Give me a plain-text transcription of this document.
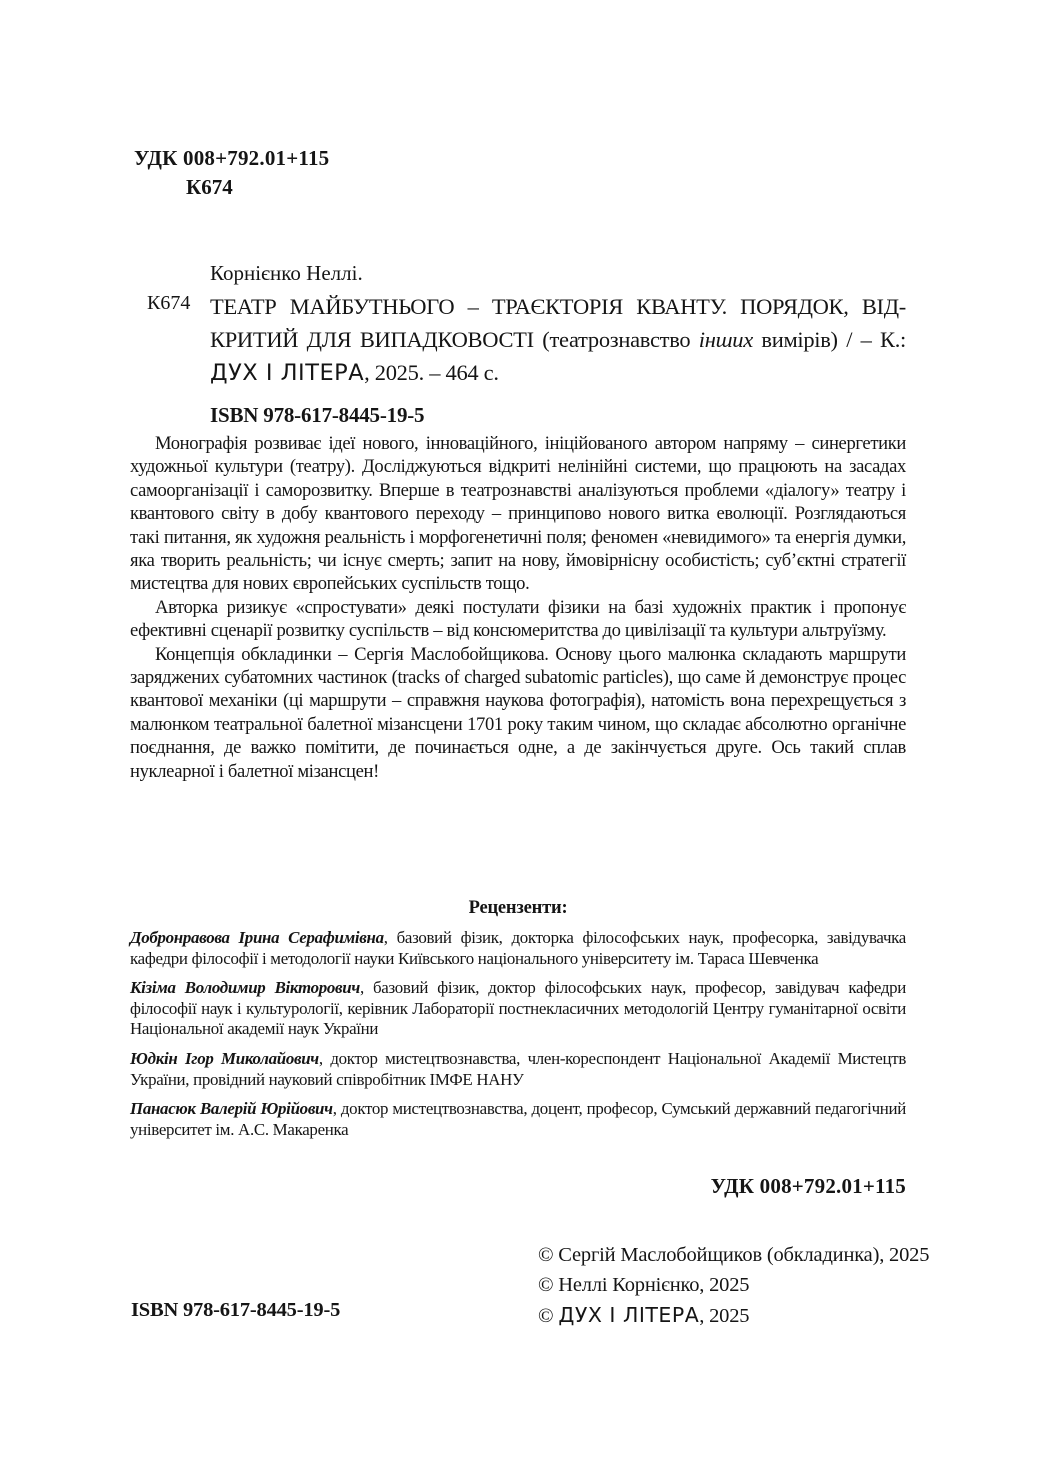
УДК 008+792.01+115
К674
К674

Корнієнко Неллі.

ТЕАТР МАЙБУТНЬОГО – ТРАЄКТОРІЯ КВАНТУ. ПОРЯДОК, ВІД-
КРИТИЙ ДЛЯ ВИПАДКОВОСТІ (театрознавство інших вимірів) / – К.:
ДУХ І ЛІТЕРА, 2025. – 464 с.
ISBN 978-617-8445-19-5

Монографія розвиває ідеї нового, інноваційного, ініційованого автором напряму – синергетики художньої культури (театру). Досліджуються відкриті нелінійні системи, що працюють на засадах самоорганізації і саморозвитку. Вперше в театрознавстві аналізуються проблеми «діалогу» театру і квантового світу в добу квантового переходу – принципово нового витка еволюції. Розглядаються такі питання, як художня реальність і морфогенетичні поля; феномен «невидимого» та енергія думки, яка творить реальність; чи існує смерть; запит на нову, ймовірнісну особистість; субʼєктні стратегії мистецтва для нових європейських суспільств тощо.

Авторка ризикує «спростувати» деякі постулати фізики на базі художніх практик і пропонує ефективні сценарії розвитку суспільств – від консюмеритства до цивілізації та культури альтруїзму.

Концепція обкладинки – Сергія Маслобойщикова. Основу цього малюнка складають маршрути заряджених субатомних частинок (tracks of charged subatomic particles), що саме й демонструє процес квантової механіки (ці маршрути – справжня наукова фотографія), натомість вона перехрещується з малюнком театральної балетної мізансцени 1701 року таким чином, що складає абсолютно органічне поєднання, де важко помітити, де починається одне, а де закінчується друге. Ось такий сплав нуклеарної і балетної мізансцен!

Рецензенти:

Добронравова Ірина Серафимівна, базовий фізик, докторка філософських наук, професорка, завідувачка кафедри філософії і методології науки Київського національного університету ім. Тараса Шевченка

Кізіма Володимир Вікторович, базовий фізик, доктор філософських наук, професор, завідувач кафедри філософії наук і культурології, керівник Лабораторії постнекласичних методологій Центру гуманітарної освіти Національної академії наук України

Юдкін Ігор Миколайович, доктор мистецтвознавства, член-кореспондент Національної Академії Мистецтв України, провідний науковий співробітник ІМФЕ НАНУ

Панасюк Валерій Юрійович, доктор мистецтвознавства, доцент, професор, Сумський державний педагогічний університет ім. А.С. Макаренка

УДК 008+792.01+115
© Сергій Маслобойщиков (обкладинка), 2025
© Неллі Корнієнко, 2025
© ДУХ І ЛІТЕРА, 2025
ISBN 978-617-8445-19-5
